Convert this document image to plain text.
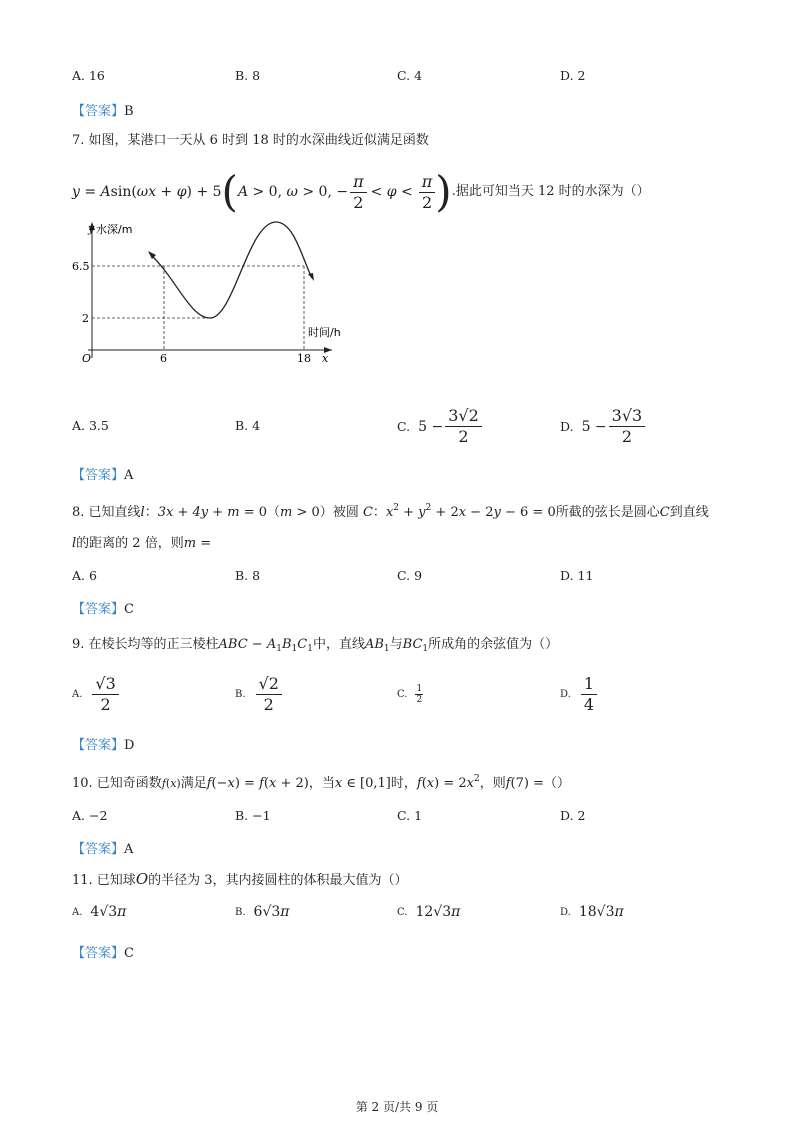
A. 16	B. 8	C. 4	D. 2
【答案】B
7. 如图，某港口一天从 6 时到 18 时的水深曲线近似满足函数
y = Asin(ωx + φ) + 5 ( A > 0, ω > 0, − $\frac{\pi}{2} < \varphi < \frac{\pi}{2}$ ) .据此可知当天 12 时的水深为（）
y 水深/m
6.5
2
时间/h
O	6	18 x
A. 3.5	B. 4	C. $5 - \frac{3√2}{2}$	D. $5 - \frac{3√3}{2}$
【答案】A
8. 已知直线l：3x + 4y + m = 0（m > 0）被圆 C：$x^2 + y^2 + 2x - 2y - 6 = 0$所截的弦长是圆心C到直线
l的距离的 2 倍，则m =
A. 6	B. 8	C. 9	D. 11
【答案】C
9. 在棱长均等的正三棱柱ABC − $A_1B_1C_1$中，直线$AB_1$与$BC_1$所成角的余弦值为（）
A. $\frac{√3}{2}$	B. $\frac{√2}{2}$	C. $\frac{1}{2}$	D. $\frac{1}{4}$
【答案】D
10. 已知奇函数f(x)满足f(−x) = f(x + 2)，当x ∈ [0,1]时，$f(x) = 2x^2$，则f(7) =（）
A. −2	B. −1	C. 1	D. 2
【答案】A
11. 已知球O的半径为 3，其内接圆柱的体积最大值为（）
A. 4√3π	B. 6√3π	C. 12√3π	D. 18√3π
【答案】C
第 2 页/共 9 页
